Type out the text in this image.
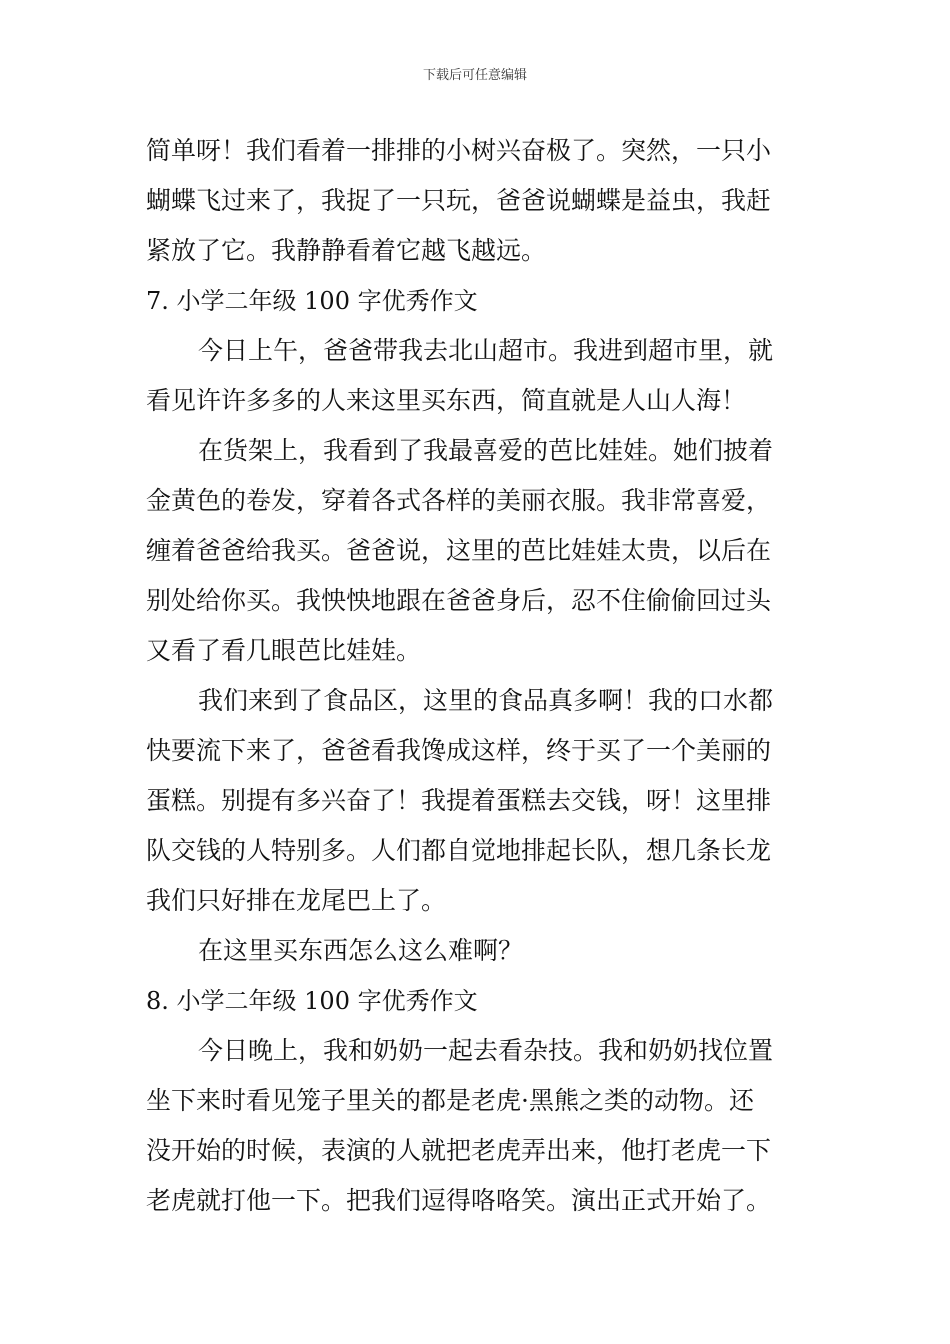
下载后可任意编辑
简单呀！我们看着一排排的小树兴奋极了。突然，一只小
蝴蝶飞过来了，我捉了一只玩，爸爸说蝴蝶是益虫，我赶
紧放了它。我静静看着它越飞越远。
7. 小学二年级 100 字优秀作文
今日上午，爸爸带我去北山超市。我进到超市里，就
看见许许多多的人来这里买东西，简直就是人山人海！
在货架上，我看到了我最喜爱的芭比娃娃。她们披着
金黄色的卷发，穿着各式各样的美丽衣服。我非常喜爱，
缠着爸爸给我买。爸爸说，这里的芭比娃娃太贵，以后在
别处给你买。我怏怏地跟在爸爸身后，忍不住偷偷回过头
又看了看几眼芭比娃娃。
我们来到了食品区，这里的食品真多啊！我的口水都
快要流下来了，爸爸看我馋成这样，终于买了一个美丽的
蛋糕。别提有多兴奋了！我提着蛋糕去交钱，呀！这里排
队交钱的人特别多。人们都自觉地排起长队，想几条长龙
我们只好排在龙尾巴上了。
在这里买东西怎么这么难啊？
8. 小学二年级 100 字优秀作文
今日晚上，我和奶奶一起去看杂技。我和奶奶找位置
坐下来时看见笼子里关的都是老虎·黑熊之类的动物。还
没开始的时候，表演的人就把老虎弄出来，他打老虎一下
老虎就打他一下。把我们逗得咯咯笑。演出正式开始了。
